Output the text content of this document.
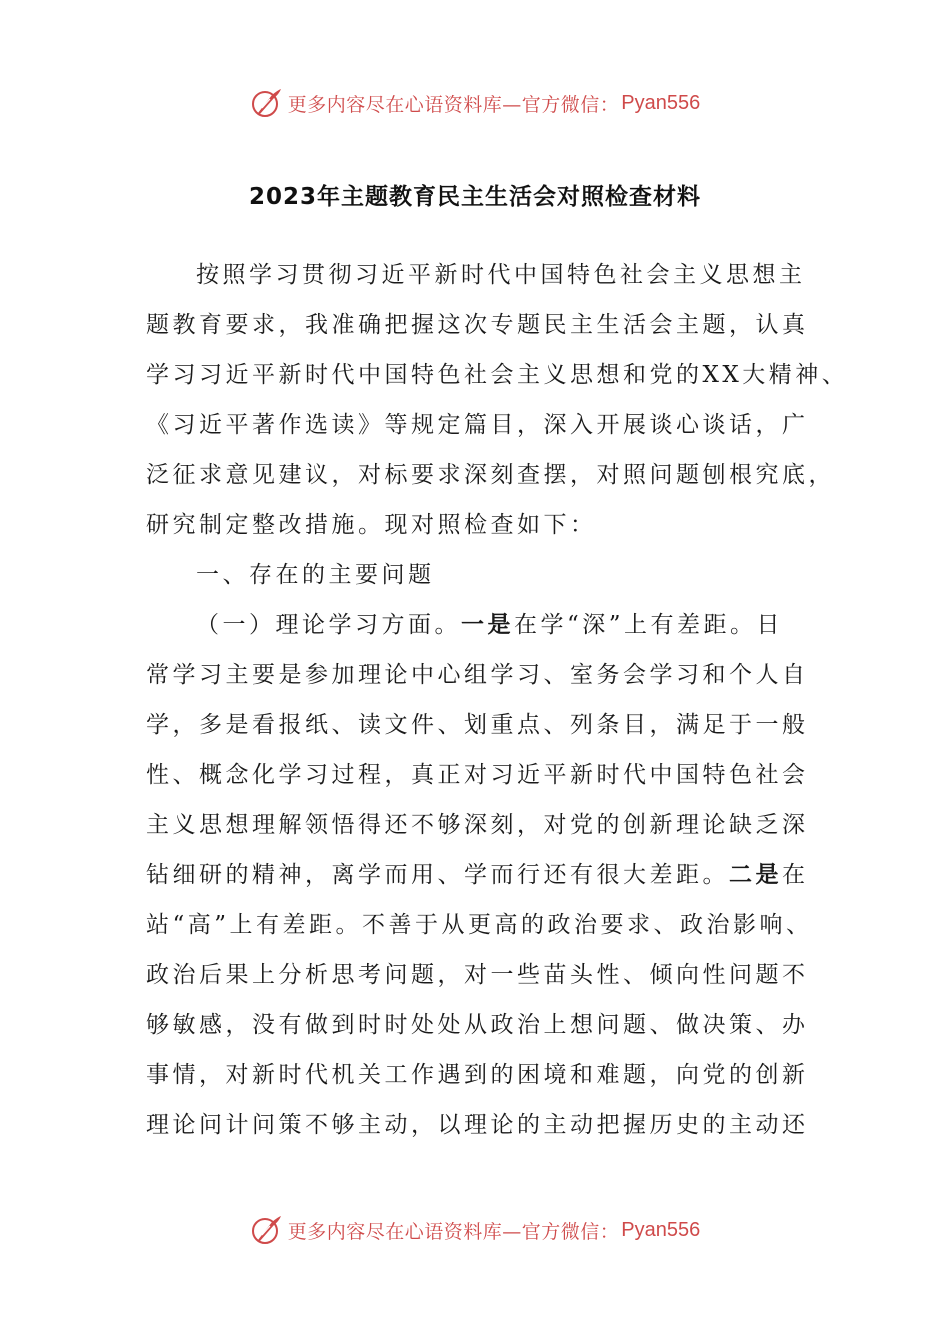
更多内容尽在心语资料库—官方微信： Pyan556
2023年主题教育民主生活会对照检查材料
按照学习贯彻习近平新时代中国特色社会主义思想主
题教育要求，我准确把握这次专题民主生活会主题，认真
学习习近平新时代中国特色社会主义思想和党的XX大精神、
《习近平著作选读》等规定篇目，深入开展谈心谈话，广
泛征求意见建议，对标要求深刻查摆，对照问题刨根究底，
研究制定整改措施。现对照检查如下：
一、存在的主要问题
（一）理论学习方面。一是在学“深”上有差距。日
常学习主要是参加理论中心组学习、室务会学习和个人自
学，多是看报纸、读文件、划重点、列条目，满足于一般
性、概念化学习过程，真正对习近平新时代中国特色社会
主义思想理解领悟得还不够深刻，对党的创新理论缺乏深
钻细研的精神，离学而用、学而行还有很大差距。二是在
站“高”上有差距。不善于从更高的政治要求、政治影响、
政治后果上分析思考问题，对一些苗头性、倾向性问题不
够敏感，没有做到时时处处从政治上想问题、做决策、办
事情，对新时代机关工作遇到的困境和难题，向党的创新
理论问计问策不够主动，以理论的主动把握历史的主动还
更多内容尽在心语资料库—官方微信： Pyan556
